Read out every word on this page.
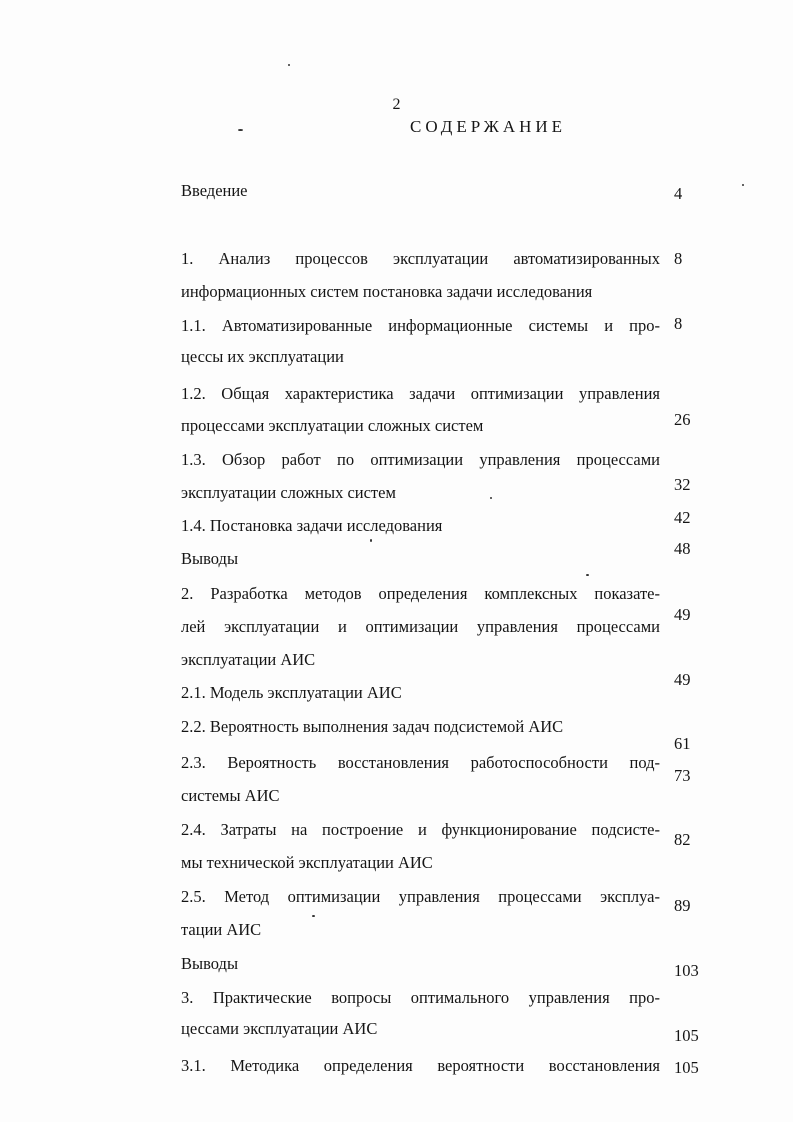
2
СОДЕРЖАНИЕ
Введение
1. Анализ процессов эксплуатации автоматизированных
информационных систем постановка задачи исследования
1.1. Автоматизированные информационные системы и про-
цессы их эксплуатации
1.2. Общая характеристика задачи оптимизации управления
процессами эксплуатации сложных систем
1.3. Обзор работ по оптимизации управления процессами
эксплуатации сложных систем
1.4. Постановка задачи исследования
Выводы
2. Разработка методов определения комплексных показате-
лей эксплуатации и оптимизации управления процессами
эксплуатации АИС
2.1. Модель эксплуатации АИС
2.2. Вероятность выполнения задач подсистемой АИС
2.3. Вероятность восстановления работоспособности под-
системы АИС
2.4. Затраты на построение и функционирование подсисте-
мы технической эксплуатации АИС
2.5. Метод оптимизации управления процессами эксплуа-
тации АИС
Выводы
3. Практические вопросы оптимального управления про-
цессами эксплуатации АИС
3.1. Методика определения вероятности восстановления
4
8
8
26
32
42
48
49
49
61
73
82
89
103
105
105
